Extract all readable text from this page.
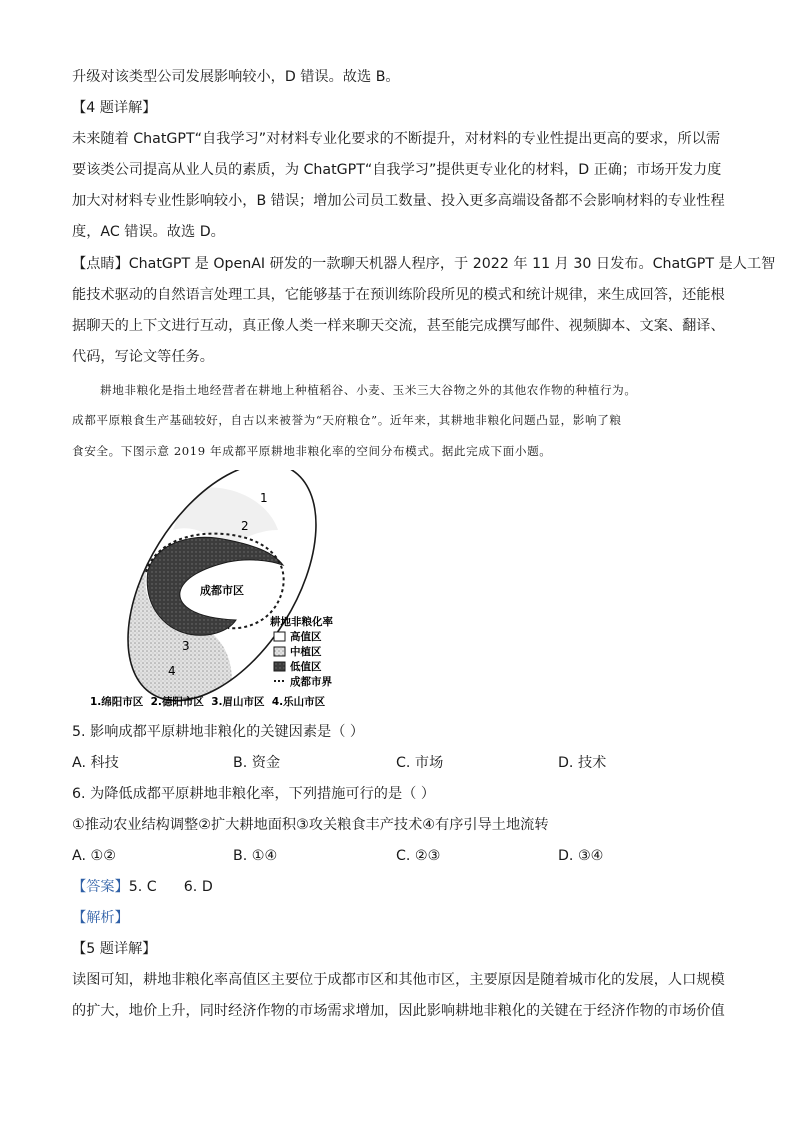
升级对该类型公司发展影响较小，D 错误。故选 B。
【4 题详解】
未来随着 ChatGPT“自我学习”对材料专业化要求的不断提升，对材料的专业性提出更高的要求，所以需
要该类公司提高从业人员的素质，为 ChatGPT“自我学习”提供更专业化的材料，D 正确；市场开发力度
加大对材料专业性影响较小，B 错误；增加公司员工数量、投入更多高端设备都不会影响材料的专业性程
度，AC 错误。故选 D。
【点睛】ChatGPT 是 OpenAI 研发的一款聊天机器人程序，于 2022 年 11 月 30 日发布。ChatGPT 是人工智
能技术驱动的自然语言处理工具，它能够基于在预训练阶段所见的模式和统计规律，来生成回答，还能根
据聊天的上下文进行互动，真正像人类一样来聊天交流，甚至能完成撰写邮件、视频脚本、文案、翻译、
代码，写论文等任务。
耕地非粮化是指土地经营者在耕地上种植稻谷、小麦、玉米三大谷物之外的其他农作物的种植行为。
成都平原粮食生产基础较好，自古以来被誉为“天府粮仓”。近年来，其耕地非粮化问题凸显，影响了粮
食安全。下图示意 2019 年成都平原耕地非粮化率的空间分布模式。据此完成下面小题。
1
2
3
4
成都市区
耕地非粮化率
高值区
中植区
低值区
成都市界
1.绵阳市区  2.德阳市区  3.眉山市区  4.乐山市区
5. 影响成都平原耕地非粮化的关键因素是（ ）
A. 科技	B. 资金	C. 市场	D. 技术
6. 为降低成都平原耕地非粮化率，下列措施可行的是（ ）
①推动农业结构调整②扩大耕地面积③攻关粮食丰产技术④有序引导土地流转
A. ①②	B. ①④	C. ②③	D. ③④
【答案】5. C      6. D
【解析】
【5 题详解】
读图可知，耕地非粮化率高值区主要位于成都市区和其他市区，主要原因是随着城市化的发展，人口规模
的扩大，地价上升，同时经济作物的市场需求增加，因此影响耕地非粮化的关键在于经济作物的市场价值
